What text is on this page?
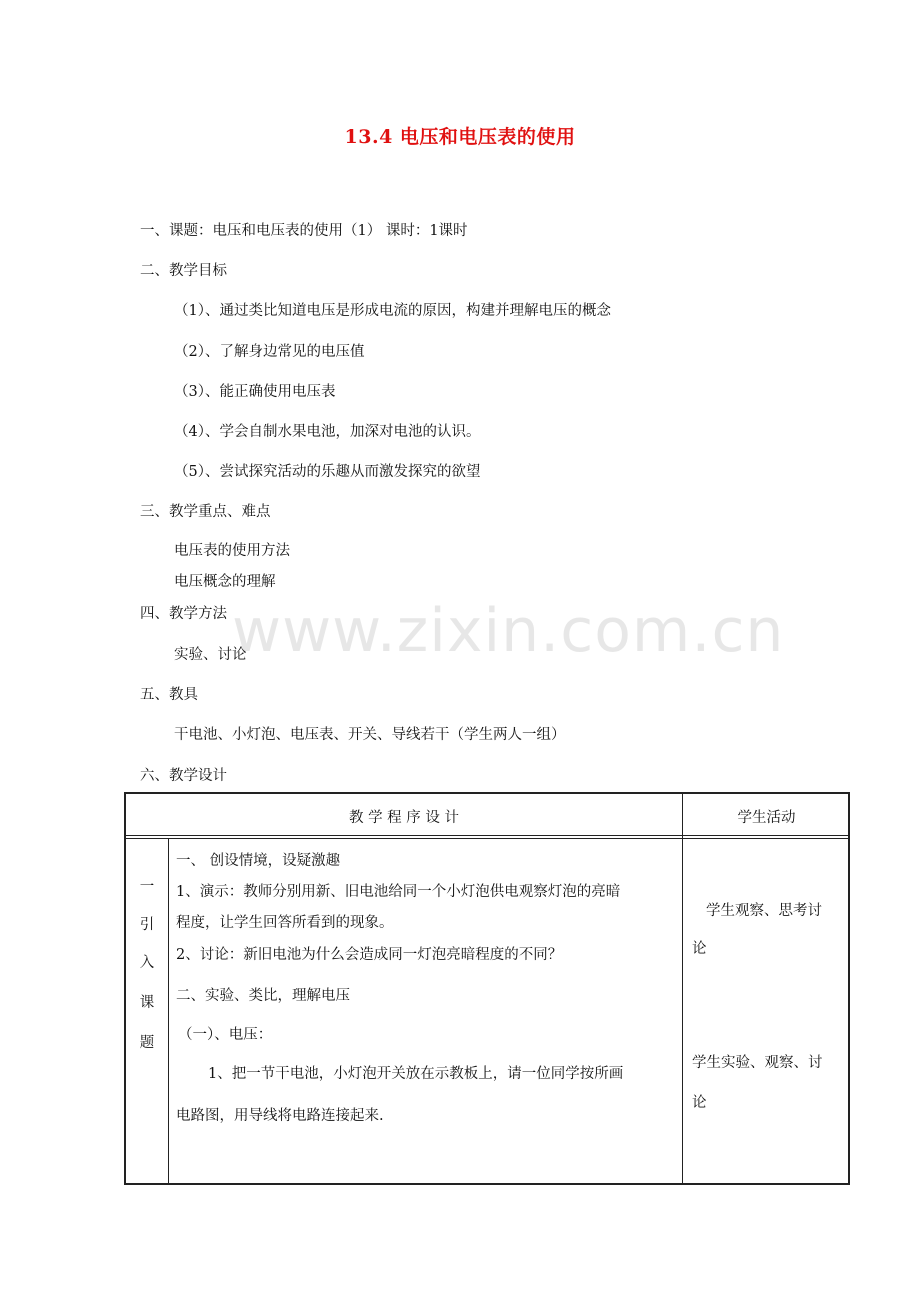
13.4 电压和电压表的使用
一、课题：电压和电压表的使用（1） 课时：1课时
二、教学目标
（1）、通过类比知道电压是形成电流的原因，构建并理解电压的概念
（2）、了解身边常见的电压值
（3）、能正确使用电压表
（4）、学会自制水果电池，加深对电池的认识。
（5）、尝试探究活动的乐趣从而激发探究的欲望
三、教学重点、难点
电压表的使用方法
电压概念的理解
四、教学方法
实验、讨论
五、教具
干电池、小灯泡、电压表、开关、导线若干（学生两人一组）
六、教学设计
www.zixin.com.cn
教 学 程 序 设 计	学生活动
一
引
入
课
题
一、 创设情境，设疑激趣
1、演示：教师分别用新、旧电池给同一个小灯泡供电观察灯泡的亮暗
程度，让学生回答所看到的现象。
2、讨论：新旧电池为什么会造成同一灯泡亮暗程度的不同？
二、实验、类比，理解电压
（一）、电压：
1、把一节干电池，小灯泡开关放在示教板上，请一位同学按所画
电路图，用导线将电路连接起来.
学生观察、思考讨
论
学生实验、观察、讨
论
